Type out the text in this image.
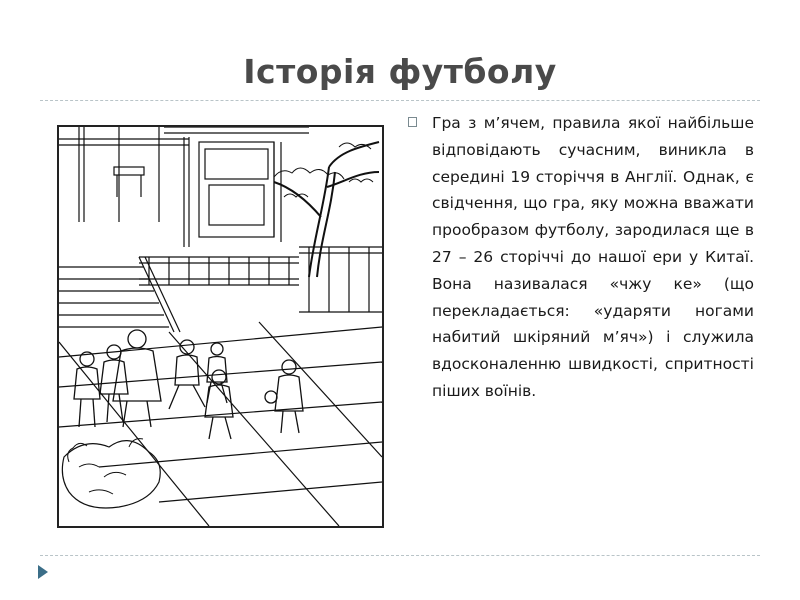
Історія футболу
Гра з м’ячем, правила якої найбільше відповідають сучасним, виникла в середині 19 сторіччя в Англії. Однак, є свідчення, що гра, яку можна вважати прообразом футболу, зародилася ще в 27 – 26 сторіччі до нашої ери у Китаї. Вона називалася «чжу ке» (що перекладається: «ударяти ногами набитий шкіряний м’яч») і служила вдосконаленню швидкості, спритності піших воїнів.
